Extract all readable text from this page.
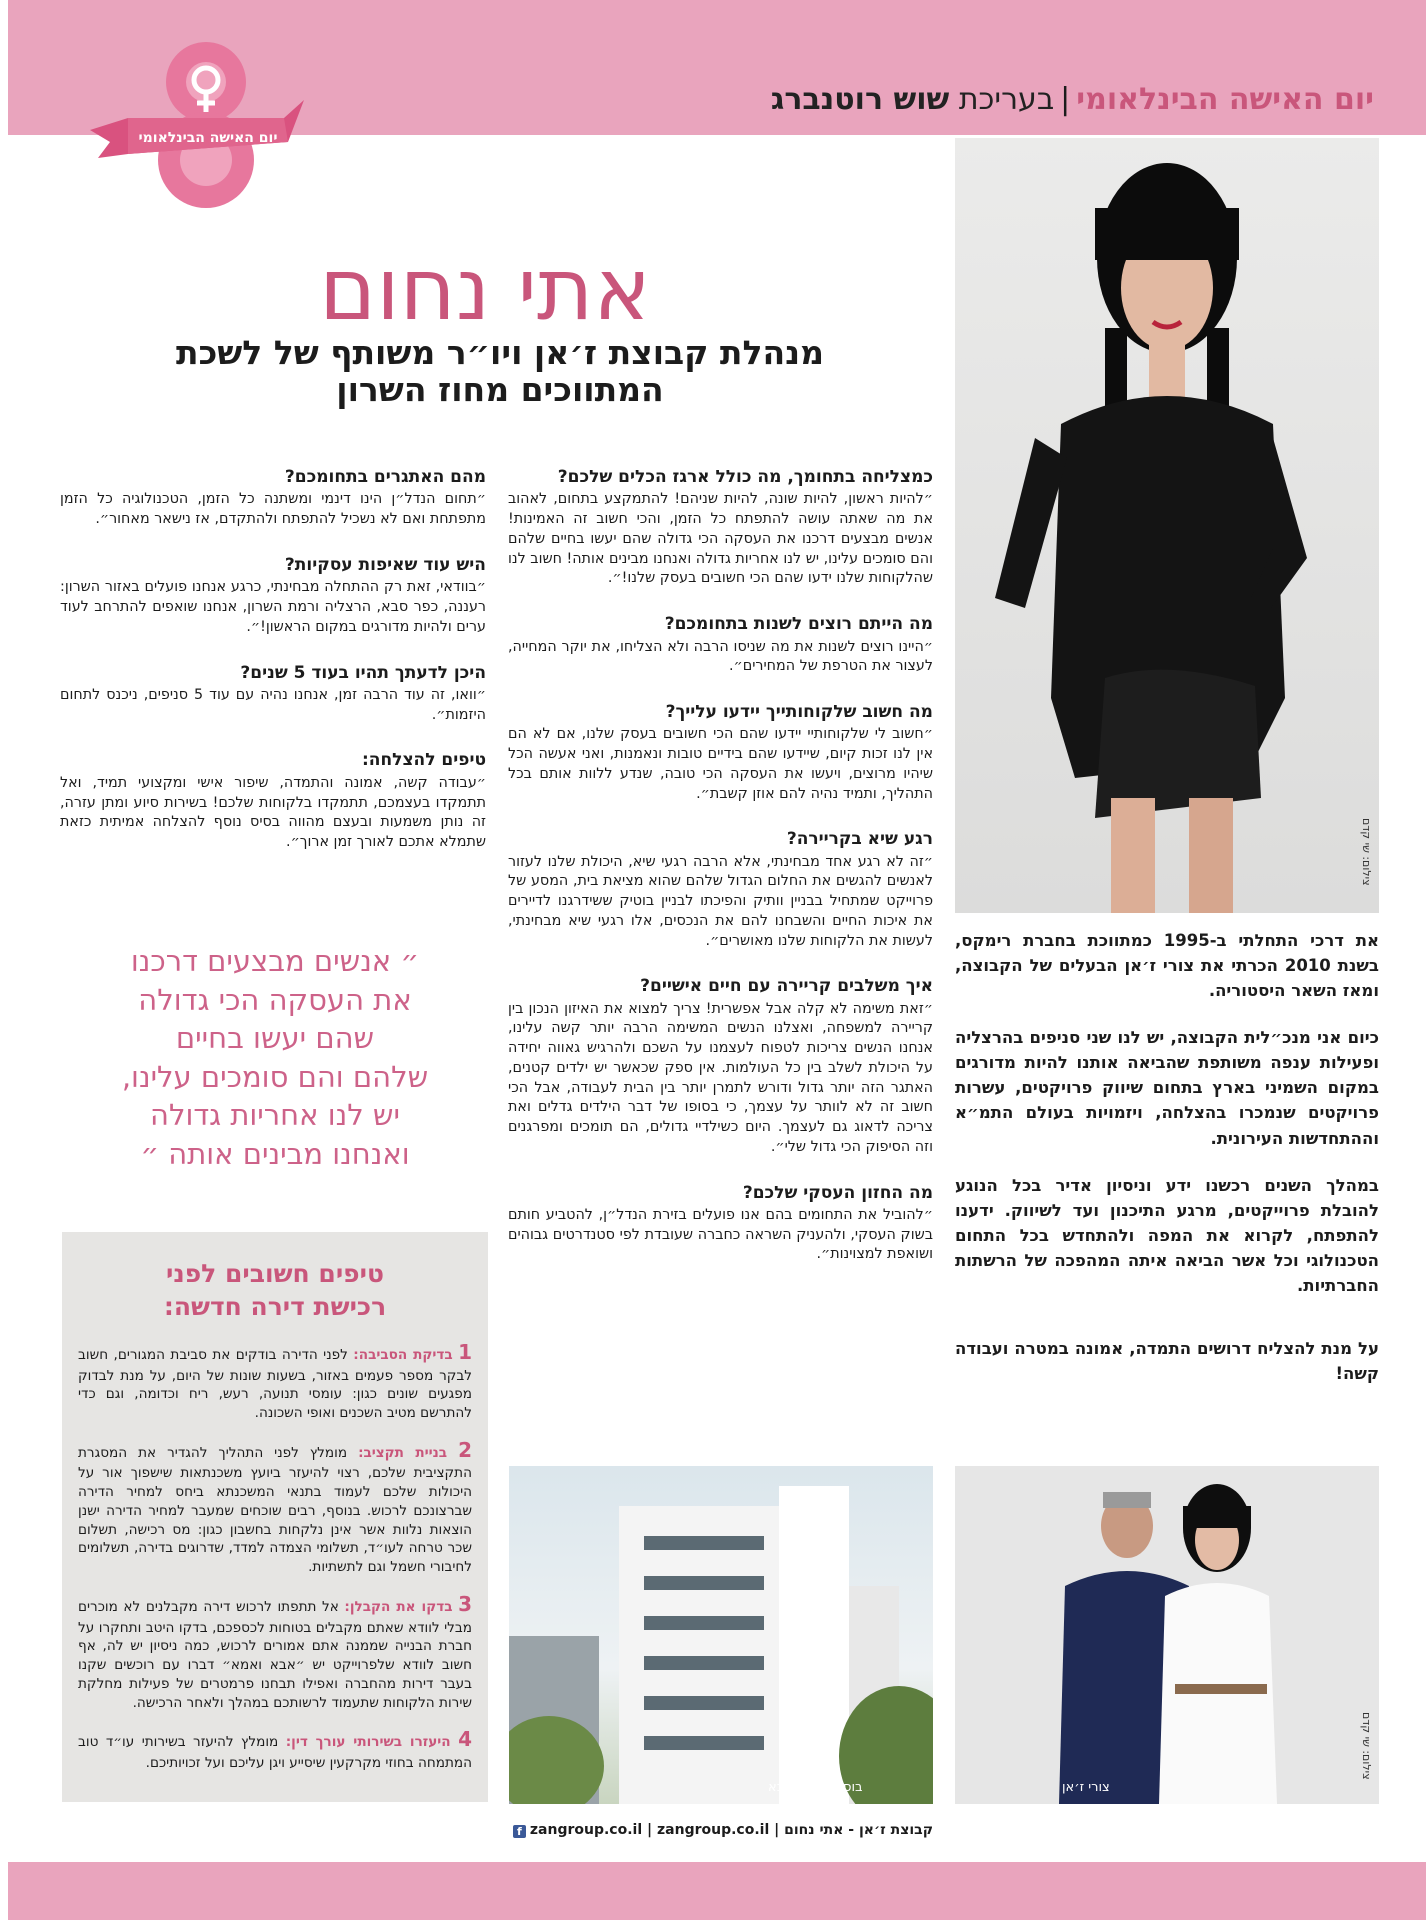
יום האישה הבינלאומי|בעריכת שוש רוטנברג
יום האישה הבינלאומי
צילום: שי קדם
אתי נחום
מנהלת קבוצת ז׳אן ויו״ר משותף של לשכת
המתווכים מחוז השרון
כמצליחה בתחומך, מה כולל ארגז הכלים שלכם?

״להיות ראשון, להיות שונה, להיות שניהם! להתמקצע בתחום, לאהוב את מה שאתה עושה להתפתח כל הזמן, והכי חשוב זה האמינות! אנשים מבצעים דרכנו את העסקה הכי גדולה שהם יעשו בחיים שלהם והם סומכים עלינו, יש לנו אחריות גדולה ואנחנו מבינים אותה! חשוב לנו שהלקוחות שלנו ידעו שהם הכי חשובים בעסק שלנו!״.

מה הייתם רוצים לשנות בתחומכם?

״היינו רוצים לשנות את מה שניסו הרבה ולא הצליחו, את יוקר המחייה, לעצור את הטרפת של המחירים״.

מה חשוב שלקוחותייך יידעו עלייך?

״חשוב לי שלקוחותיי יידעו שהם הכי חשובים בעסק שלנו, אם לא הם אין לנו זכות קיום, שיידעו שהם בידיים טובות ונאמנות, ואני אעשה הכל שיהיו מרוצים, ויעשו את העסקה הכי טובה, שנדע ללוות אותם בכל התהליך, ותמיד נהיה להם אוזן קשבת״.

רגע שיא בקריירה?

״זה לא רגע אחד מבחינתי, אלא הרבה רגעי שיא, היכולת שלנו לעזור לאנשים להגשים את החלום הגדול שלהם שהוא מציאת בית, המסע של פרוייקט שמתחיל בבניין וותיק והפיכתו לבניין בוטיק ששידרגנו לדיירים את איכות החיים והשבחנו להם את הנכסים, אלו רגעי שיא מבחינתי, לעשות את הלקוחות שלנו מאושרים״.

איך משלבים קריירה עם חיים אישיים?

״זאת משימה לא קלה אבל אפשרית! צריך למצוא את האיזון הנכון בין קריירה למשפחה, ואצלנו הנשים המשימה הרבה יותר קשה עלינו, אנחנו הנשים צריכות לטפוח לעצמנו על השכם ולהרגיש גאווה יחידה על היכולת לשלב בין כל העולמות. אין ספק שכאשר יש ילדים קטנים, האתגר הזה יותר גדול ודורש לתמרן יותר בין הבית לעבודה, אבל הכי חשוב זה לא לוותר על עצמך, כי בסופו של דבר הילדים גדלים ואת צריכה לדאוג גם לעצמך. היום כשילדיי גדולים, הם תומכים ומפרגנים וזה הסיפוק הכי גדול שלי״.

מה החזון העסקי שלכם?

״להוביל את התחומים בהם אנו פועלים בזירת הנדל״ן, להטביע חותם בשוק העסקי, ולהעניק השראה כחברה שעובדת לפי סטנדרטים גבוהים ושואפת למצוינות״.

מהם האתגרים בתחומכם?

״תחום הנדל״ן הינו דינמי ומשתנה כל הזמן, הטכנולוגיה כל הזמן מתפתחת ואם לא נשכיל להתפתח ולהתקדם, אז נישאר מאחור״.

היש עוד שאיפות עסקיות?

״בוודאי, זאת רק ההתחלה מבחינתי, כרגע אנחנו פועלים באזור השרון: רעננה, כפר סבא, הרצליה ורמת השרון, אנחנו שואפים להתרחב לעוד ערים ולהיות מדורגים במקום הראשון!״.

היכן לדעתך תהיו בעוד 5 שנים?

״וואו, זה עוד הרבה זמן, אנחנו נהיה עם עוד 5 סניפים, ניכנס לתחום היזמות״.

טיפים להצלחה:

״עבודה קשה, אמונה והתמדה, שיפור אישי ומקצועי תמיד, ואל תתמקדו בעצמכם, תתמקדו בלקוחות שלכם! בשירות סיוע ומתן עזרה, זה נותן משמעות ובעצם מהווה בסיס נוסף להצלחה אמיתית כזאת שתמלא אתכם לאורך זמן ארוך״.

״ אנשים מבצעים דרכנו
את העסקה הכי גדולה
שהם יעשו בחיים
שלהם והם סומכים עלינו,
יש לנו אחריות גדולה
ואנחנו מבינים אותה ״
טיפים חשובים לפני
רכישת דירה חדשה:
1 בדיקת הסביבה: לפני הדירה בודקים את סביבת המגורים, חשוב לבקר מספר פעמים באזור, בשעות שונות של היום, על מנת לבדוק מפגעים שונים כגון: עומסי תנועה, רעש, ריח וכדומה, וגם כדי להתרשם מטיב השכנים ואופי השכונה.
2 בניית תקציב: מומלץ לפני התהליך להגדיר את המסגרת התקציבית שלכם, רצוי להיעזר ביועץ משכנתאות שישפוך אור על היכולות שלכם לעמוד בתנאי המשכנתא ביחס למחיר הדירה שברצונכם לרכוש. בנוסף, רבים שוכחים שמעבר למחיר הדירה ישנן הוצאות נלוות אשר אינן נלקחות בחשבון כגון: מס רכישה, תשלום שכר טרחה לעו״ד, תשלומי הצמדה למדד, שדרוגים בדירה, תשלומים לחיבורי חשמל וגם לתשתיות.
3 בדקו את הקבלן: אל תתפתו לרכוש דירה מקבלנים לא מוכרים מבלי לוודא שאתם מקבלים בטוחות לכספכם, בדקו היטב ותחקרו על חברת הבנייה שממנה אתם אמורים לרכוש, כמה ניסיון יש לה, אף חשוב לוודא שלפרוייקט יש ״אבא ואמא״ דברו עם רוכשים שקנו בעבר דירות מהחברה ואפילו תבחנו פרמטרים של פעילות מחלקת שירות הלקוחות שתעמוד לרשותכם במהלך ולאחר הרכישה.
4 היעזרו בשירותי עורך דין: מומלץ להיעזר בשירותי עו״ד טוב המתמחה בחוזי מקרקעין שיסייע ויגן עליכם ועל זכויותיכם.

את דרכי התחלתי ב-1995 כמתווכת בחברת רימקס, בשנת 2010 הכרתי את צורי ז׳אן הבעלים של הקבוצה, ומאז השאר היסטוריה.

כיום אני מנכ״לית הקבוצה, יש לנו שני סניפים בהרצליה ופעילות ענפה משותפת שהביאה אותנו להיות מדורגים במקום השמיני בארץ בתחום שיווק פרויקטים, עשרות פרויקטים שנמכרו בהצלחה, ויזמויות בעולם התמ״א וההתחדשות העירונית.

במהלך השנים רכשנו ידע וניסיון אדיר בכל הנוגע להובלת פרוייקטים, מרגע התיכנון ועד לשיווק. ידענו להתפתח, לקרוא את המפה ולהתחדש בכל התחום הטכנולוגי וכל אשר הביאה איתה המהפכה של הרשתות החברתיות.

על מנת להצליח דרושים התמדה, אמונה במטרה ועבודה קשה!

בוסל 5 כפר סבא	צורי ז׳אן
צילום: שי קדם
קבוצת ז׳אן - אתי נחום | zangroup.co.il | zangroup.co.ilf
